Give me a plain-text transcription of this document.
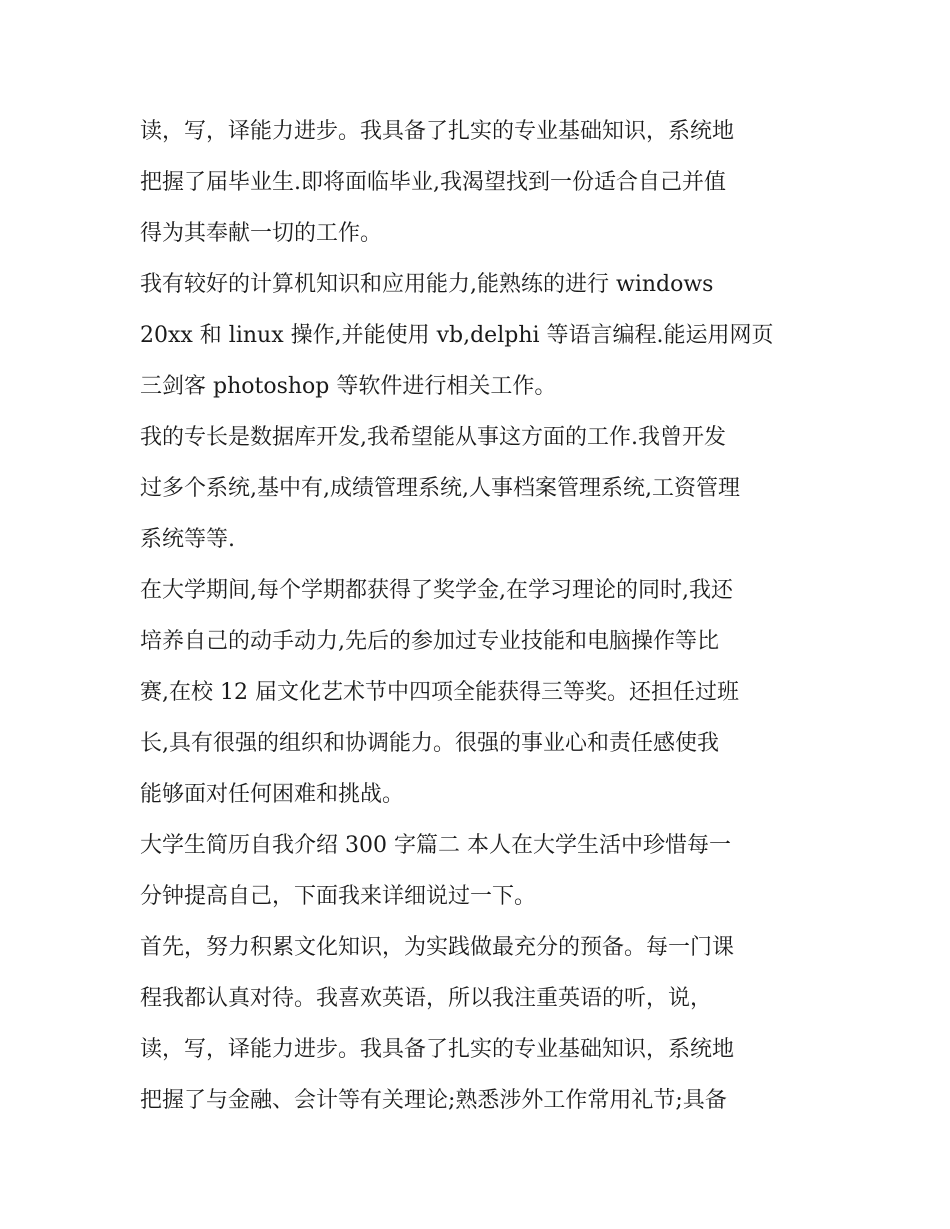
读，写，译能力进步。我具备了扎实的专业基础知识，系统地
把握了届毕业生.即将面临毕业,我渴望找到一份适合自己并值
得为其奉献一切的工作。
我有较好的计算机知识和应用能力,能熟练的进行 windows
20xx 和 linux 操作,并能使用 vb,delphi 等语言编程.能运用网页
三剑客 photoshop 等软件进行相关工作。
我的专长是数据库开发,我希望能从事这方面的工作.我曾开发
过多个系统,基中有,成绩管理系统,人事档案管理系统,工资管理
系统等等.
在大学期间,每个学期都获得了奖学金,在学习理论的同时,我还
培养自己的动手动力,先后的参加过专业技能和电脑操作等比
赛,在校 12 届文化艺术节中四项全能获得三等奖。还担任过班
长,具有很强的组织和协调能力。很强的事业心和责任感使我
能够面对任何困难和挑战。
大学生简历自我介绍 300 字篇二 本人在大学生活中珍惜每一
分钟提高自己，下面我来详细说过一下。
首先，努力积累文化知识，为实践做最充分的预备。每一门课
程我都认真对待。我喜欢英语，所以我注重英语的听，说，
读，写，译能力进步。我具备了扎实的专业基础知识，系统地
把握了与金融、会计等有关理论;熟悉涉外工作常用礼节;具备
